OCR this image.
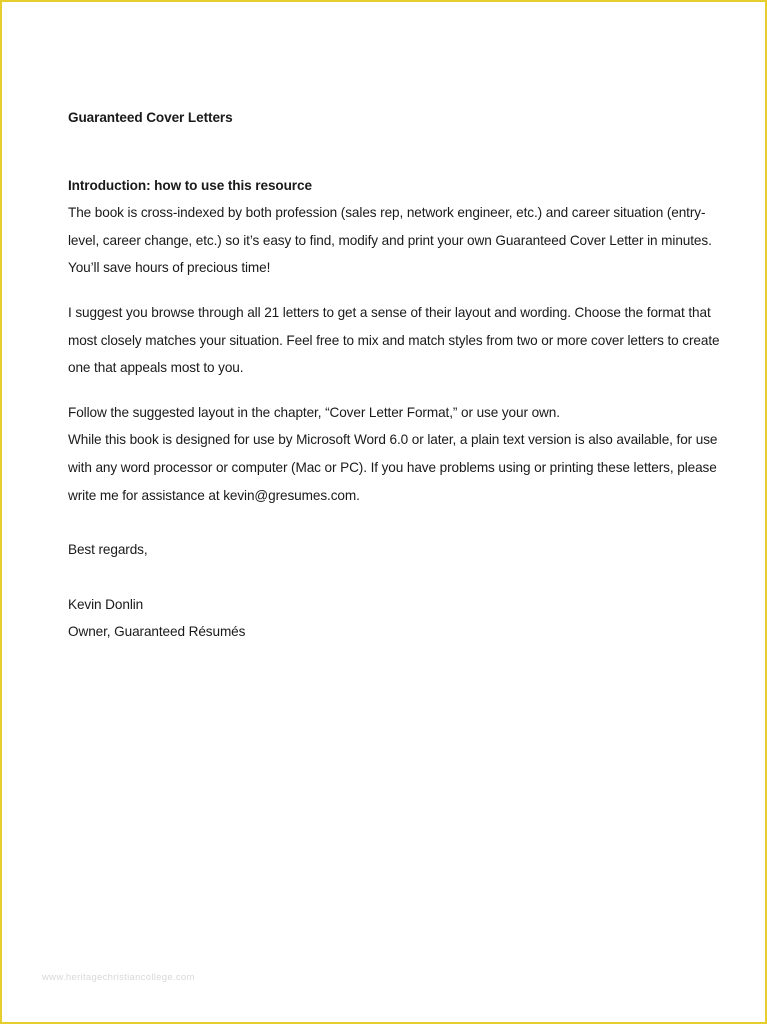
Guaranteed Cover Letters

Introduction: how to use this resource

The book is cross-indexed by both profession (sales rep, network engineer, etc.) and career situation (entry-level, career change, etc.) so it’s easy to find, modify and print your own Guaranteed Cover Letter in minutes. You’ll save hours of precious time!

I suggest you browse through all 21 letters to get a sense of their layout and wording. Choose the format that most closely matches your situation. Feel free to mix and match styles from two or more cover letters to create one that appeals most to you.

Follow the suggested layout in the chapter, “Cover Letter Format,” or use your own.

While this book is designed for use by Microsoft Word 6.0 or later, a plain text version is also available, for use with any word processor or computer (Mac or PC). If you have problems using or printing these letters, please write me for assistance at kevin@gresumes.com.

Best regards,

Kevin Donlin

Owner, Guaranteed Résumés

www.heritagechristiancollege.com
